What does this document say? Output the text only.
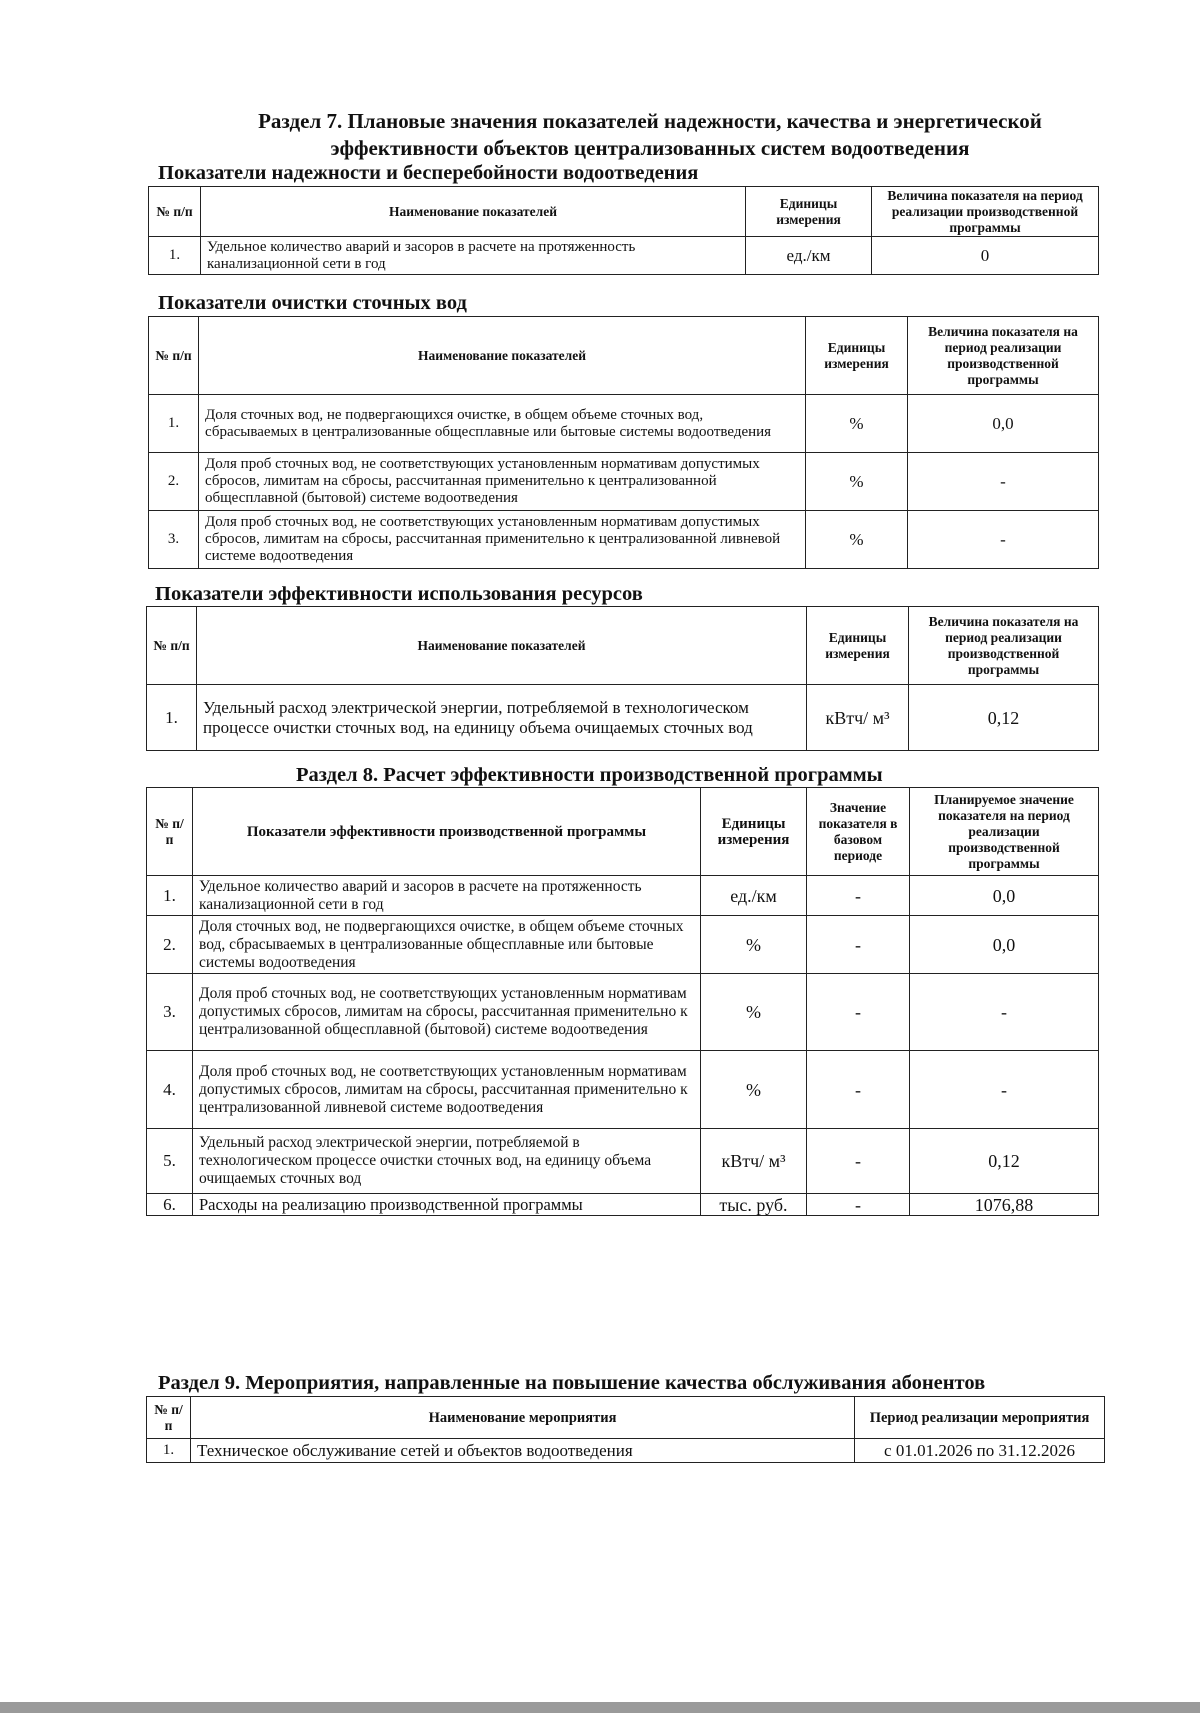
Раздел 7. Плановые значения показателей надежности, качества и энергетической
эффективности объектов централизованных систем водоотведения
Показатели надежности и бесперебойности водоотведения
№ п/п	Наименование показателей	Единицы измерения	Величина показателя на период реализации производственной программы
1.	Удельное количество аварий и засоров в расчете на протяженность канализационной сети в год	ед./км	0
Показатели очистки сточных вод
№ п/п	Наименование показателей	Единицы измерения	Величина показателя на период реализации производственной программы
1.	Доля сточных вод, не подвергающихся очистке, в общем объеме сточных вод, сбрасываемых в централизованные общесплавные или бытовые системы водоотведения	%	0,0
2.	Доля проб сточных вод, не соответствующих установленным нормативам допустимых сбросов, лимитам на сбросы, рассчитанная применительно к централизованной общесплавной (бытовой) системе водоотведения	%	-
3.	Доля проб сточных вод, не соответствующих установленным нормативам допустимых сбросов, лимитам на сбросы, рассчитанная применительно к централизованной ливневой системе водоотведения	%	-
Показатели эффективности использования ресурсов
№ п/п	Наименование показателей	Единицы измерения	Величина показателя на период реализации производственной программы
1.	Удельный расход электрической энергии, потребляемой в технологическом процессе очистки сточных вод, на единицу объема очищаемых сточных вод	кВтч/ м³	0,12
Раздел 8. Расчет эффективности производственной программы
№ п/п	Показатели эффективности производственной программы	Единицы измерения	Значение показателя в базовом периоде	Планируемое значение показателя на период реализации производственной программы
1.	Удельное количество аварий и засоров в расчете на протяженность канализационной сети в год	ед./км	-	0,0
2.	Доля сточных вод, не подвергающихся очистке, в общем объеме сточных вод, сбрасываемых в централизованные общесплавные или бытовые системы водоотведения	%	-	0,0
3.	Доля проб сточных вод, не соответствующих установленным нормативам допустимых сбросов, лимитам на сбросы, рассчитанная применительно к централизованной общесплавной (бытовой) системе водоотведения	%	-	-
4.	Доля проб сточных вод, не соответствующих установленным нормативам допустимых сбросов, лимитам на сбросы, рассчитанная применительно к централизованной ливневой системе водоотведения	%	-	-
5.	Удельный расход электрической энергии, потребляемой в технологическом процессе очистки сточных вод, на единицу объема очищаемых сточных вод	кВтч/ м³	-	0,12
6.	Расходы на реализацию производственной программы	тыс. руб.	-	1076,88
Раздел 9. Мероприятия, направленные на повышение качества обслуживания абонентов
№ п/п	Наименование мероприятия	Период реализации мероприятия
1.	Техническое обслуживание сетей и объектов водоотведения	с 01.01.2026 по 31.12.2026
